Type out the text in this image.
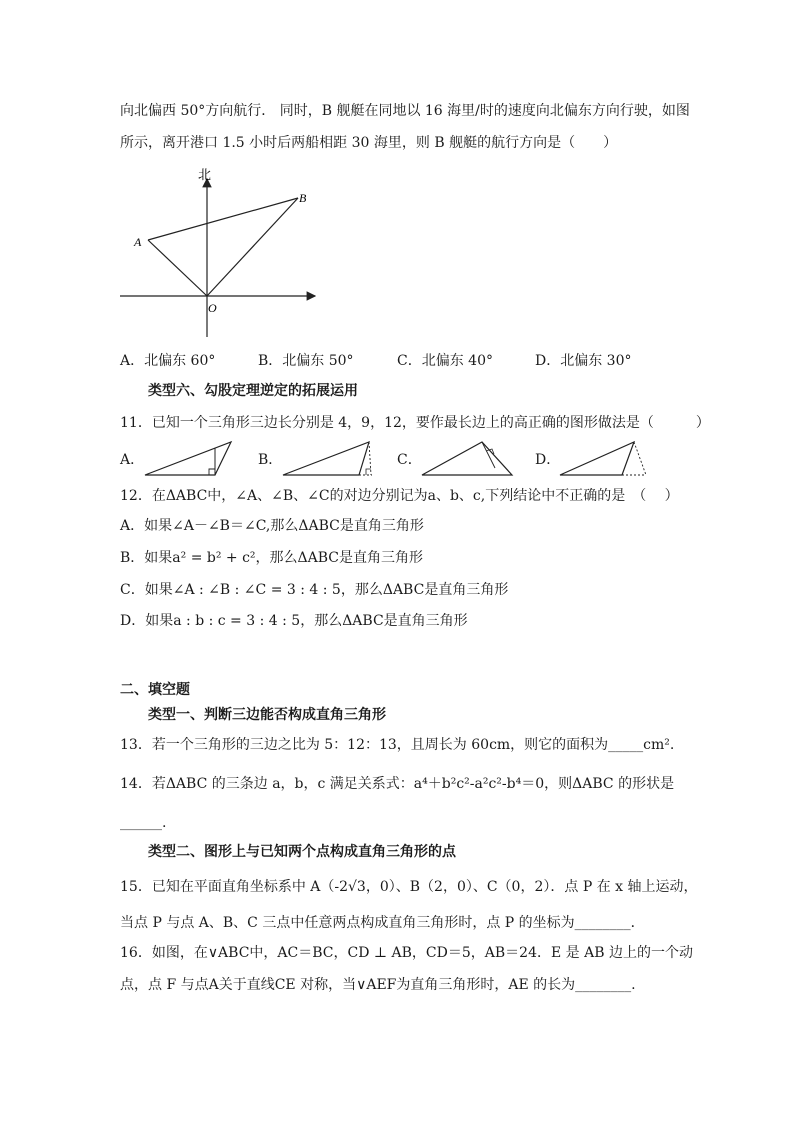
向北偏西 50°方向航行． 同时，B 舰艇在同地以 16 海里/时的速度向北偏东方向行驶，如图
所示，离开港口 1.5 小时后两船相距 30 海里，则 B 舰艇的航行方向是（　　）
北
A
B
O
A．北偏东 60°	B．北偏东 50°	C．北偏东 40°	D．北偏东 30°
类型六、勾股定理逆定的拓展运用
11．已知一个三角形三边长分别是 4，9，12，要作最长边上的高正确的图形做法是（　　　）
A．	B．	C．	D．
12．在ΔABC中，∠A、∠B、∠C的对边分别记为a、b、c,下列结论中不正确的是　（　 ）
A．如果∠A－∠B＝∠C,那么ΔABC是直角三角形
B．如果a² = b² + c²，那么ΔABC是直角三角形
C．如果∠A : ∠B : ∠C = 3 : 4 : 5，那么ΔABC是直角三角形
D．如果a : b : c = 3 : 4 : 5，那么ΔABC是直角三角形
二、填空题
类型一、判断三边能否构成直角三角形
13．若一个三角形的三边之比为 5：12：13，且周长为 60cm，则它的面积为_____cm².
14．若ΔABC 的三条边 a，b，c 满足关系式：a⁴＋b²c²-a²c²-b⁴＝0，则ΔABC 的形状是
______.
类型二、图形上与已知两个点构成直角三角形的点
15．已知在平面直角坐标系中 A（-2√3，0）、B（2，0）、C（0，2）．点 P 在 x 轴上运动，
当点 P 与点 A、B、C 三点中任意两点构成直角三角形时，点 P 的坐标为________．
16．如图，在∨ABC中，AC＝BC，CD ⊥ AB，CD＝5，AB＝24．E 是 AB 边上的一个动
点，点 F 与点A关于直线CE 对称，当∨AEF为直角三角形时，AE 的长为________.
